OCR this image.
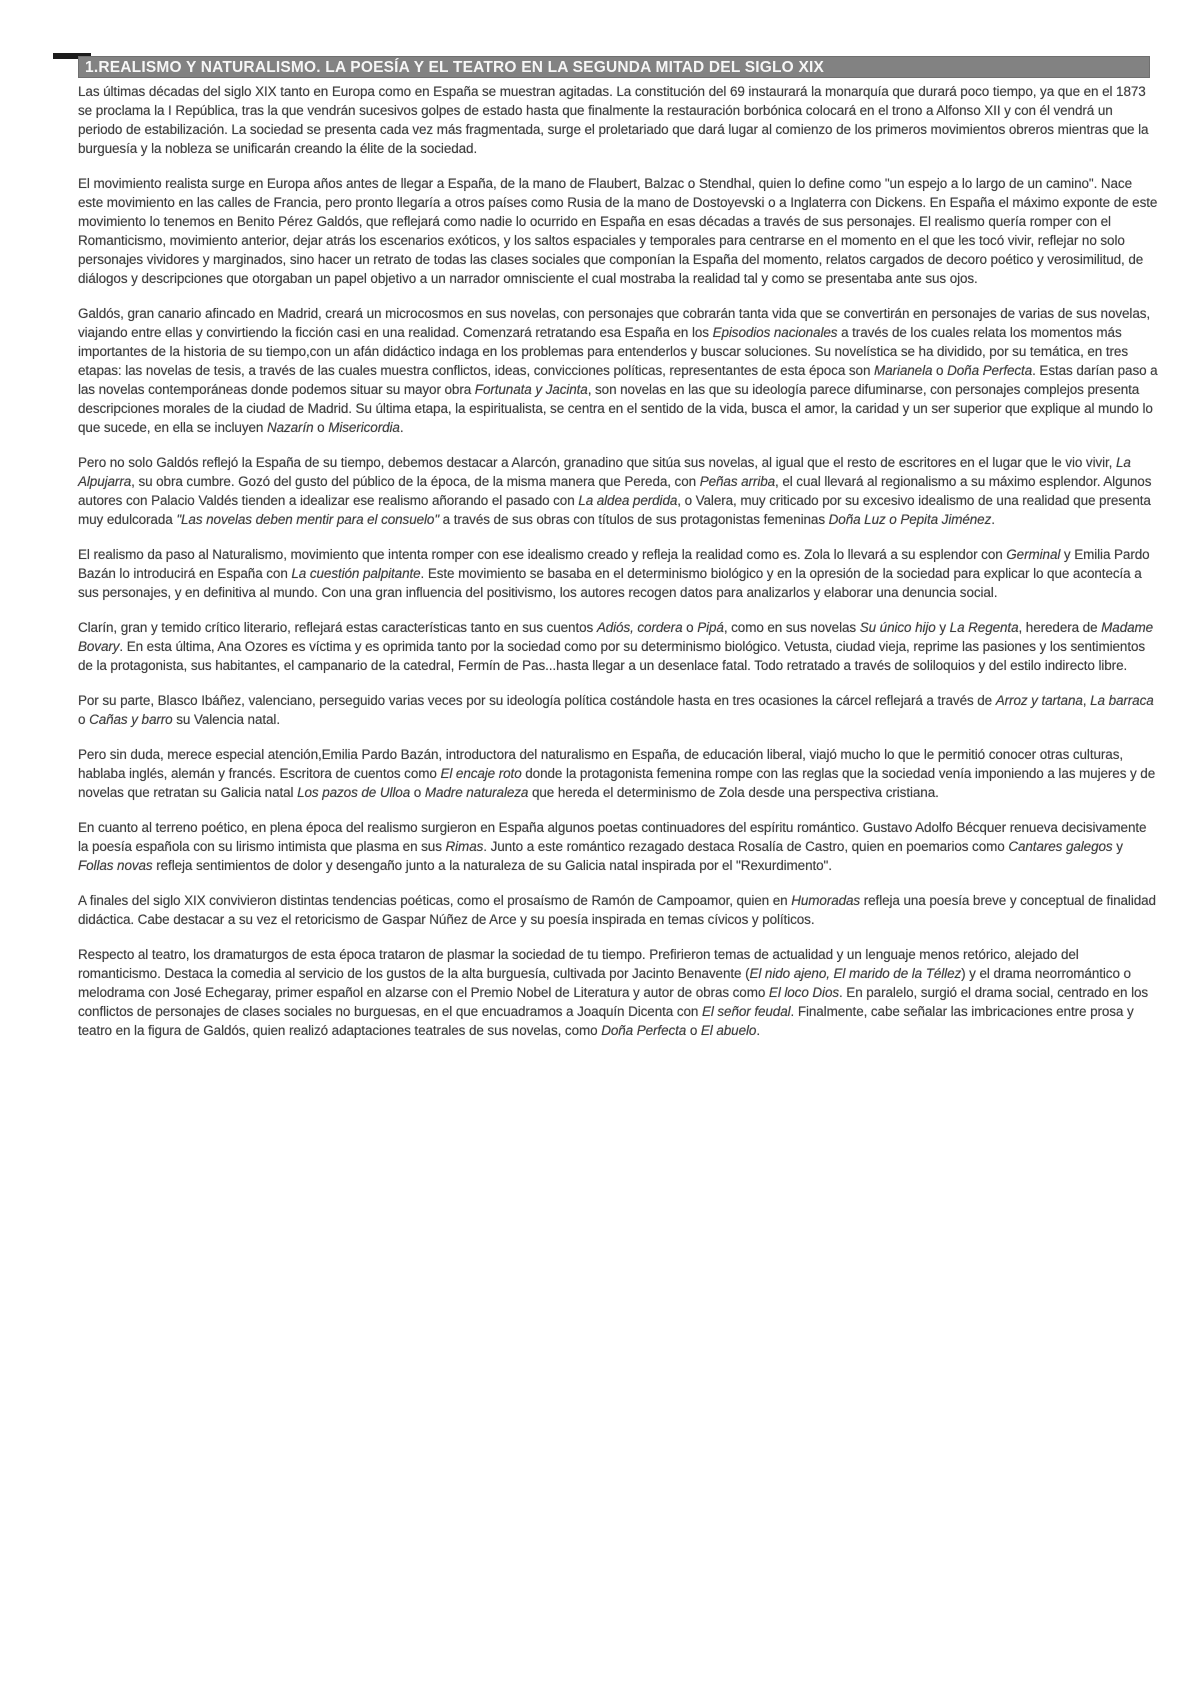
1.REALISMO Y NATURALISMO. LA POESÍA Y EL TEATRO EN LA SEGUNDA MITAD DEL SIGLO XIX

Las últimas décadas del siglo XIX tanto en Europa como en España se muestran agitadas. La constitución del 69 instaurará la monarquía que durará poco tiempo, ya que en el 1873 se proclama la I República, tras la que vendrán sucesivos golpes de estado hasta que finalmente la restauración borbónica colocará en el trono a Alfonso XII y con él vendrá un periodo de estabilización. La sociedad se presenta cada vez más fragmentada, surge el proletariado que dará lugar al comienzo de los primeros movimientos obreros mientras que la burguesía y la nobleza se unificarán creando la élite de la sociedad.

El movimiento realista surge en Europa años antes de llegar a España, de la mano de Flaubert, Balzac o Stendhal, quien lo define como "un espejo a lo largo de un camino". Nace este movimiento en las calles de Francia, pero pronto llegaría a otros países como Rusia de la mano de Dostoyevski o a Inglaterra con Dickens. En España el máximo exponte de este movimiento lo tenemos en Benito Pérez Galdós, que reflejará como nadie lo ocurrido en España en esas décadas a través de sus personajes. El realismo quería romper con el Romanticismo, movimiento anterior, dejar atrás los escenarios exóticos, y los saltos espaciales y temporales para centrarse en el momento en el que les tocó vivir, reflejar no solo personajes vividores y marginados, sino hacer un retrato de todas las clases sociales que componían la España del momento, relatos cargados de decoro poético y verosimilitud, de diálogos y descripciones que otorgaban un papel objetivo a un narrador omnisciente el cual mostraba la realidad tal y como se presentaba ante sus ojos.

Galdós, gran canario afincado en Madrid, creará un microcosmos en sus novelas, con personajes que cobrarán tanta vida que se convertirán en personajes de varias de sus novelas, viajando entre ellas y convirtiendo la ficción casi en una realidad. Comenzará retratando esa España en los Episodios nacionales a través de los cuales relata los momentos más importantes de la historia de su tiempo,con un afán didáctico indaga en los problemas para entenderlos y buscar soluciones. Su novelística se ha dividido, por su temática, en tres etapas: las novelas de tesis, a través de las cuales muestra conflictos, ideas, convicciones políticas, representantes de esta época son Marianela o Doña Perfecta. Estas darían paso a las novelas contemporáneas donde podemos situar su mayor obra Fortunata y Jacinta, son novelas en las que su ideología parece difuminarse, con personajes complejos presenta descripciones morales de la ciudad de Madrid. Su última etapa, la espiritualista, se centra en el sentido de la vida, busca el amor, la caridad y un ser superior que explique al mundo lo que sucede, en ella se incluyen Nazarín o Misericordia.

Pero no solo Galdós reflejó la España de su tiempo, debemos destacar a Alarcón, granadino que sitúa sus novelas, al igual que el resto de escritores en el lugar que le vio vivir, La Alpujarra, su obra cumbre. Gozó del gusto del público de la época, de la misma manera que Pereda, con Peñas arriba, el cual llevará al regionalismo a su máximo esplendor. Algunos autores con Palacio Valdés tienden a idealizar ese realismo añorando el pasado con La aldea perdida, o Valera, muy criticado por su excesivo idealismo de una realidad que presenta muy edulcorada "Las novelas deben mentir para el consuelo" a través de sus obras con títulos de sus protagonistas femeninas Doña Luz o Pepita Jiménez.

El realismo da paso al Naturalismo, movimiento que intenta romper con ese idealismo creado y refleja la realidad como es. Zola lo llevará a su esplendor con Germinal y Emilia Pardo Bazán lo introducirá en España con La cuestión palpitante. Este movimiento se basaba en el determinismo biológico y en la opresión de la sociedad para explicar lo que acontecía a sus personajes, y en definitiva al mundo. Con una gran influencia del positivismo, los autores recogen datos para analizarlos y elaborar una denuncia social.

Clarín, gran y temido crítico literario, reflejará estas características tanto en sus cuentos Adiós, cordera o Pipá, como en sus novelas Su único hijo y La Regenta, heredera de Madame Bovary. En esta última, Ana Ozores es víctima y es oprimida tanto por la sociedad como por su determinismo biológico. Vetusta, ciudad vieja, reprime las pasiones y los sentimientos de la protagonista, sus habitantes, el campanario de la catedral, Fermín de Pas...hasta llegar a un desenlace fatal. Todo retratado a través de soliloquios y del estilo indirecto libre.

Por su parte, Blasco Ibáñez, valenciano, perseguido varias veces por su ideología política costándole hasta en tres ocasiones la cárcel reflejará a través de Arroz y tartana, La barraca o Cañas y barro su Valencia natal.

Pero sin duda, merece especial atención,Emilia Pardo Bazán, introductora del naturalismo en España, de educación liberal, viajó mucho lo que le permitió conocer otras culturas, hablaba inglés, alemán y francés. Escritora de cuentos como El encaje roto donde la protagonista femenina rompe con las reglas que la sociedad venía imponiendo a las mujeres y de novelas que retratan su Galicia natal Los pazos de Ulloa o Madre naturaleza que hereda el determinismo de Zola desde una perspectiva cristiana.

En cuanto al terreno poético, en plena época del realismo surgieron en España algunos poetas continuadores del espíritu romántico. Gustavo Adolfo Bécquer renueva decisivamente la poesía española con su lirismo intimista que plasma en sus Rimas. Junto a este romántico rezagado destaca Rosalía de Castro, quien en poemarios como Cantares galegos y Follas novas refleja sentimientos de dolor y desengaño junto a la naturaleza de su Galicia natal inspirada por el "Rexurdimento".

A finales del siglo XIX convivieron distintas tendencias poéticas, como el prosaísmo de Ramón de Campoamor, quien en Humoradas refleja una poesía breve y conceptual de finalidad didáctica. Cabe destacar a su vez el retoricismo de Gaspar Núñez de Arce y su poesía inspirada en temas cívicos y políticos.

Respecto al teatro, los dramaturgos de esta época trataron de plasmar la sociedad de tu tiempo. Prefirieron temas de actualidad y un lenguaje menos retórico, alejado del romanticismo. Destaca la comedia al servicio de los gustos de la alta burguesía, cultivada por Jacinto Benavente (El nido ajeno, El marido de la Téllez) y el drama neorromántico o melodrama con José Echegaray, primer español en alzarse con el Premio Nobel de Literatura y autor de obras como El loco Dios. En paralelo, surgió el drama social, centrado en los conflictos de personajes de clases sociales no burguesas, en el que encuadramos a Joaquín Dicenta con El señor feudal. Finalmente, cabe señalar las imbricaciones entre prosa y teatro en la figura de Galdós, quien realizó adaptaciones teatrales de sus novelas, como Doña Perfecta o El abuelo.
